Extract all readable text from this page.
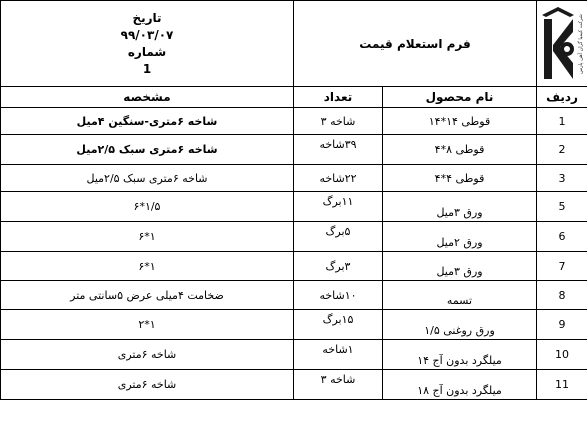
شرکت کیمیا گران آهن پارس	فرم استعلام قیمت		تاریخ
۹۹/۰۳/۰۷
شماره
1

ردیف	نام محصول	تعداد	مشخصه
1	قوطی ۱۴*۱۴	شاخه ۳	شاخه ۶متری-سنگین ۴میل
2	قوطی ۸*۴	۳۹شاخه	شاخه ۶متری سبک ۲/۵میل
3	قوطی ۴*۴	۲۲شاخه	شاخه ۶متری سبک ۲/۵میل
5	ورق ۳میل	۱۱برگ	۱/۵*۶
6	ورق ۲میل	۵برگ	۱*۶
7	ورق ۳میل	۳برگ	۱*۶
8	تسمه	۱۰شاخه	ضخامت ۴میلی عرض ۵سانتی متر
9	ورق روغنی ۱/۵	۱۵برگ	۱*۲
10	میلگرد بدون آج ۱۴	۱شاخه	شاخه ۶متری
11	میلگرد بدون آج ۱۸	شاخه ۳	شاخه ۶متری
